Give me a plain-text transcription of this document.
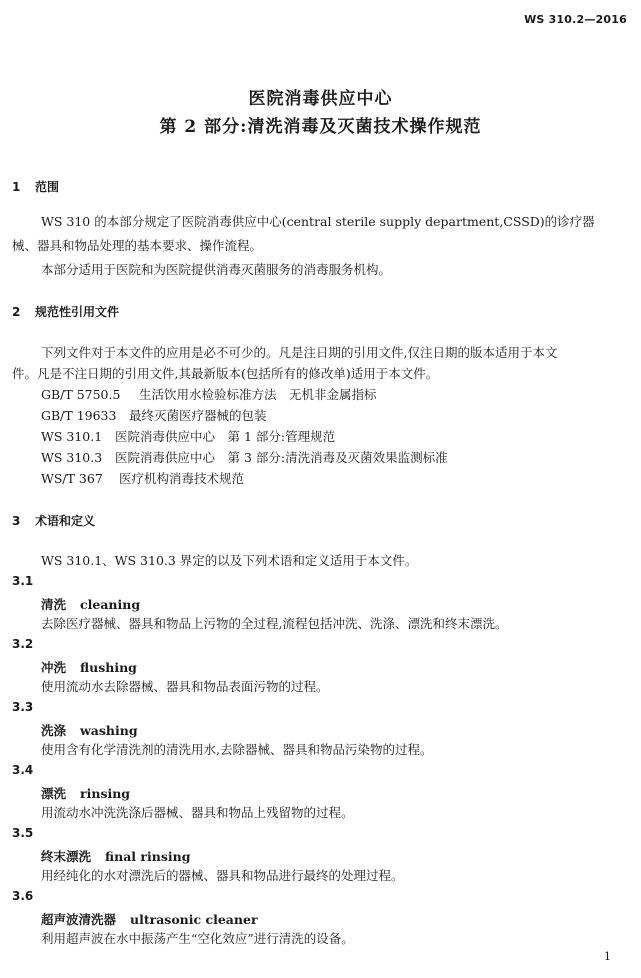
WS 310.2—2016
医院消毒供应中心
第 2 部分:清洗消毒及灭菌技术操作规范
1 范围
WS 310 的本部分规定了医院消毒供应中心(central sterile supply department,CSSD)的诊疗器
械、器具和物品处理的基本要求、操作流程。
本部分适用于医院和为医院提供消毒灭菌服务的消毒服务机构。
2 规范性引用文件
下列文件对于本文件的应用是必不可少的。凡是注日期的引用文件,仅注日期的版本适用于本文
件。凡是不注日期的引用文件,其最新版本(包括所有的修改单)适用于本文件。
GB/T 5750.5 生活饮用水检验标准方法　无机非金属指标
GB/T 19633 最终灭菌医疗器械的包装
WS 310.1 医院消毒供应中心　第 1 部分:管理规范
WS 310.3 医院消毒供应中心　第 3 部分:清洗消毒及灭菌效果监测标准
WS/T 367 医疗机构消毒技术规范
3 术语和定义
WS 310.1、WS 310.3 界定的以及下列术语和定义适用于本文件。
3.1
清洗 cleaning
去除医疗器械、器具和物品上污物的全过程,流程包括冲洗、洗涤、漂洗和终末漂洗。
3.2
冲洗 flushing
使用流动水去除器械、器具和物品表面污物的过程。
3.3
洗涤 washing
使用含有化学清洗剂的清洗用水,去除器械、器具和物品污染物的过程。
3.4
漂洗 rinsing
用流动水冲洗洗涤后器械、器具和物品上残留物的过程。
3.5
终末漂洗 final rinsing
用经纯化的水对漂洗后的器械、器具和物品进行最终的处理过程。
3.6
超声波清洗器 ultrasonic cleaner
利用超声波在水中振荡产生“空化效应”进行清洗的设备。
1
